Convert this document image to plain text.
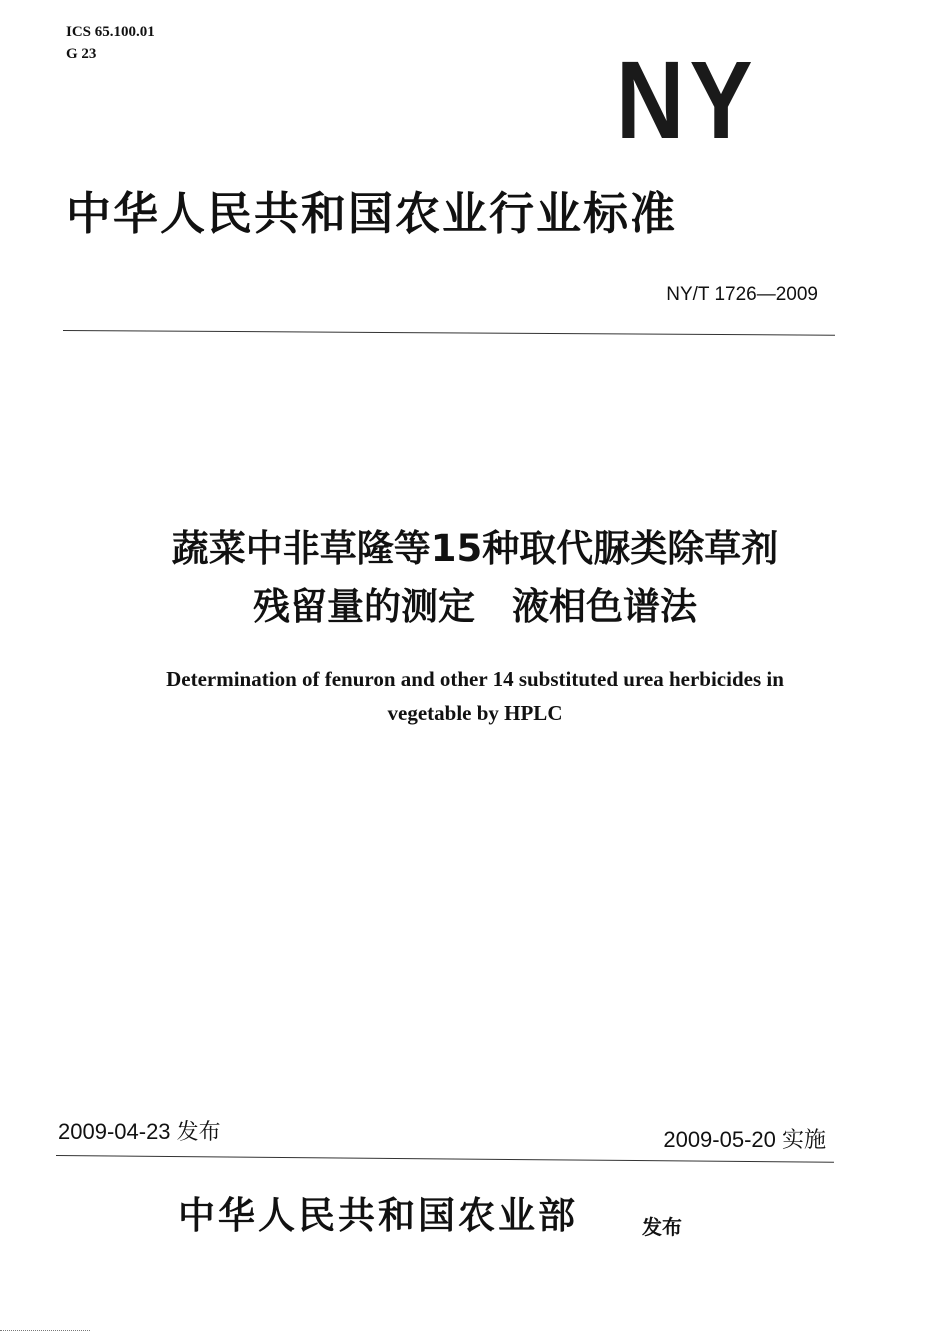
ICS 65.100.01
G 23	NY
中华人民共和国农业行业标准
NY/T 1726—2009
蔬菜中非草隆等15种取代脲类除草剂
残留量的测定　液相色谱法
Determination of fenuron and other 14 substituted urea herbicides in
vegetable by HPLC
2009-04-23 发布	2009-05-20 实施
中华人民共和国农业部	发布
